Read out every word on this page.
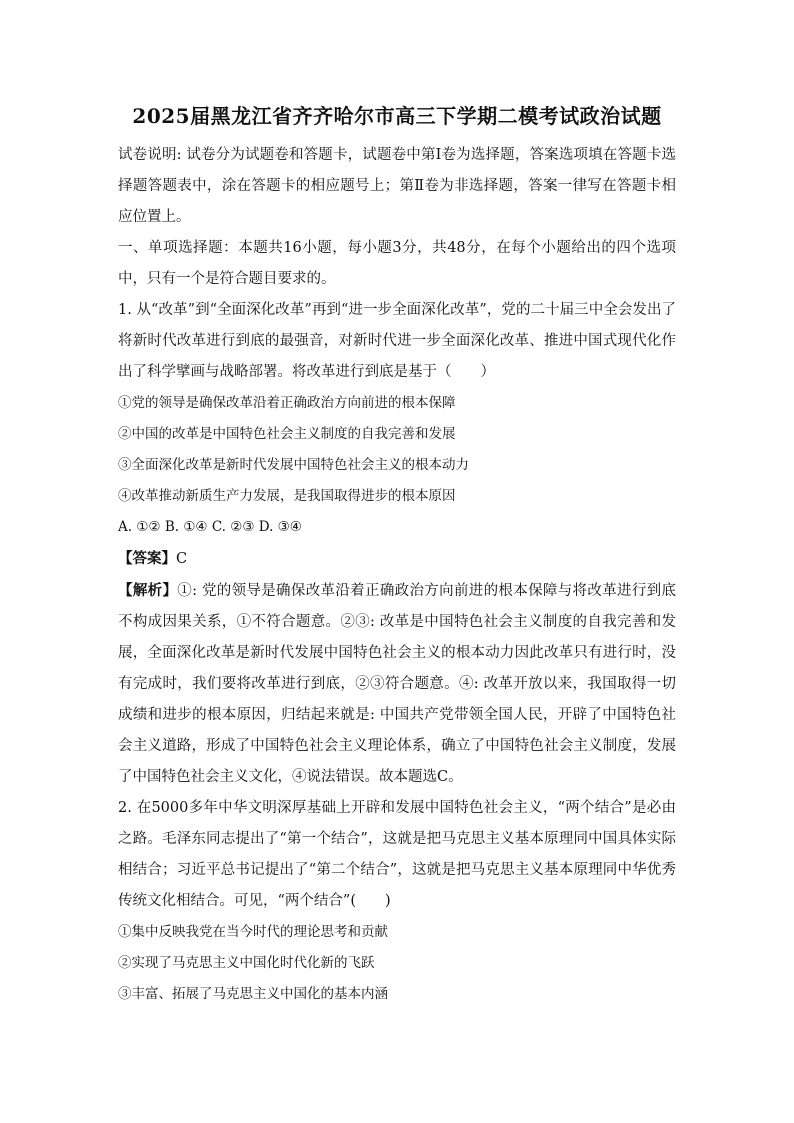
2025届黑龙江省齐齐哈尔市高三下学期二模考试政治试题

试卷说明: 试卷分为试题卷和答题卡，试题卷中第Ⅰ卷为选择题，答案选项填在答题卡选择题答题表中，涂在答题卡的相应题号上；第Ⅱ卷为非选择题，答案一律写在答题卡相应位置上。

一、单项选择题：本题共16小题，每小题3分，共48分，在每个小题给出的四个选项中，只有一个是符合题目要求的。

1. 从“改革”到“全面深化改革”再到“进一步全面深化改革”，党的二十届三中全会发出了将新时代改革进行到底的最强音，对新时代进一步全面深化改革、推进中国式现代化作出了科学擘画与战略部署。将改革进行到底是基于（　　）

①党的领导是确保改革沿着正确政治方向前进的根本保障

②中国的改革是中国特色社会主义制度的自我完善和发展

③全面深化改革是新时代发展中国特色社会主义的根本动力

④改革推动新质生产力发展，是我国取得进步的根本原因

A. ①② B. ①④ C. ②③ D. ③④

【答案】C

【解析】①: 党的领导是确保改革沿着正确政治方向前进的根本保障与将改革进行到底不构成因果关系，①不符合题意。②③: 改革是中国特色社会主义制度的自我完善和发展，全面深化改革是新时代发展中国特色社会主义的根本动力因此改革只有进行时，没有完成时，我们要将改革进行到底，②③符合题意。④: 改革开放以来，我国取得一切成绩和进步的根本原因，归结起来就是: 中国共产党带领全国人民，开辟了中国特色社会主义道路，形成了中国特色社会主义理论体系，确立了中国特色社会主义制度，发展了中国特色社会主义文化，④说法错误。故本题选C。

2. 在5000多年中华文明深厚基础上开辟和发展中国特色社会主义，“两个结合”是必由之路。毛泽东同志提出了“第一个结合”，这就是把马克思主义基本原理同中国具体实际相结合；习近平总书记提出了“第二个结合”，这就是把马克思主义基本原理同中华优秀传统文化相结合。可见，“两个结合”(　　)

①集中反映我党在当今时代的理论思考和贡献

②实现了马克思主义中国化时代化新的飞跃

③丰富、拓展了马克思主义中国化的基本内涵
